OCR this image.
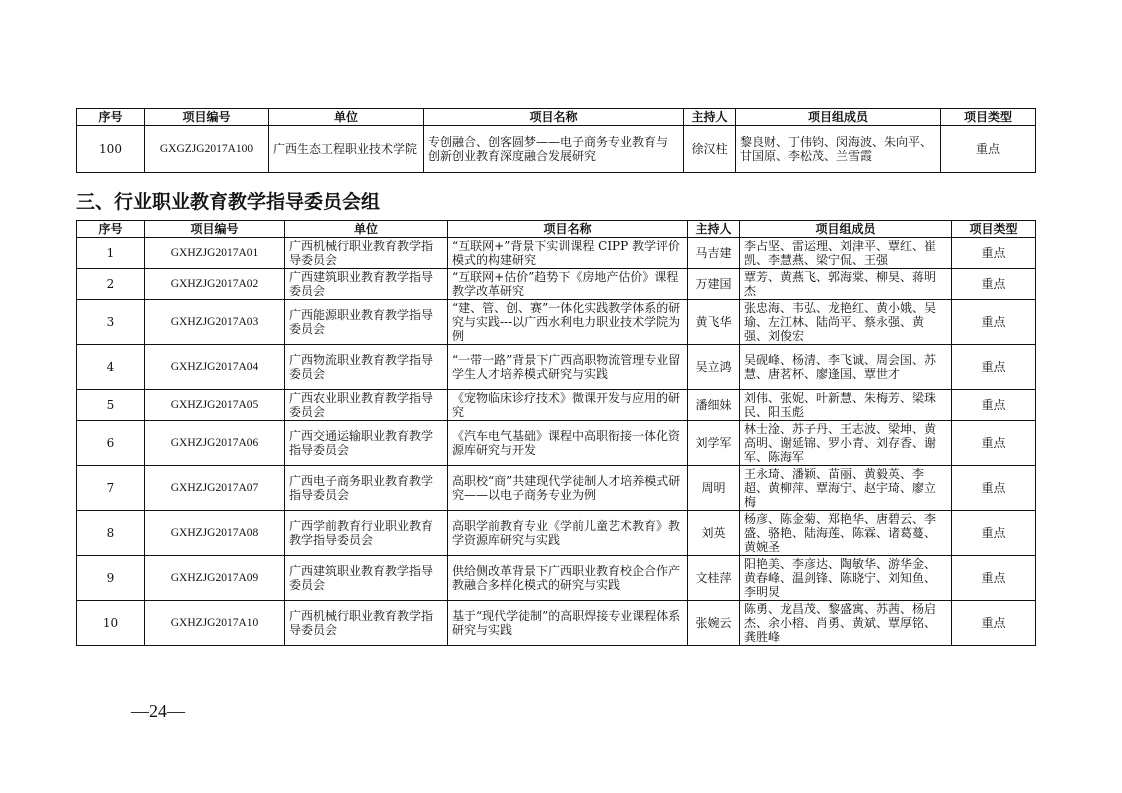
序号	项目编号	单位	项目名称	主持人	项目组成员	项目类型
100	GXGZJG2017A100	广西生态工程职业技术学院	专创融合、创客圆梦——电子商务专业教育与创新创业教育深度融合发展研究	徐汉柱	黎良财、丁伟钧、闵海波、朱向平、甘国原、李松茂、兰雪霞	重点
三、行业职业教育教学指导委员会组
序号	项目编号	单位	项目名称	主持人	项目组成员	项目类型
1	GXHZJG2017A01	广西机械行职业教育教学指导委员会	“互联网+”背景下实训课程 CIPP 教学评价模式的构建研究	马吉建	李占坚、雷运理、刘津平、覃红、崔凯、李慧燕、梁宁侃、王强	重点
2	GXHZJG2017A02	广西建筑职业教育教学指导委员会	“互联网+估价”趋势下《房地产估价》课程教学改革研究	万建国	覃芳、黄燕飞、郭海棠、柳昊、蒋明杰	重点
3	GXHZJG2017A03	广西能源职业教育教学指导委员会	“建、管、创、赛”一体化实践教学体系的研究与实践---以广西水利电力职业技术学院为例	黄飞华	张忠海、韦弘、龙艳红、黄小娥、吴瑜、左江林、陆尚平、蔡永强、黄强、刘俊宏	重点
4	GXHZJG2017A04	广西物流职业教育教学指导委员会	“一带一路”背景下广西高职物流管理专业留学生人才培养模式研究与实践	吴立鸿	吴砚峰、杨清、李飞诚、周会国、苏慧、唐茗杯、廖逢国、覃世才	重点
5	GXHZJG2017A05	广西农业职业教育教学指导委员会	《宠物临床诊疗技术》微课开发与应用的研究	潘细妹	刘伟、张妮、叶新慧、朱梅芳、梁珠民、阳玉彪	重点
6	GXHZJG2017A06	广西交通运输职业教育教学指导委员会	《汽车电气基础》课程中高职衔接一体化资源库研究与开发	刘学军	林士淦、苏子丹、王志波、梁坤、黄高明、谢延锦、罗小青、刘存香、谢军、陈海军	重点
7	GXHZJG2017A07	广西电子商务职业教育教学指导委员会	高职校“商”共建现代学徒制人才培养模式研究——以电子商务专业为例	周明	王永琦、潘颖、苗丽、黄毅英、李超、黄柳萍、覃海宁、赵宇琦、廖立梅	重点
8	GXHZJG2017A08	广西学前教育行业职业教育教学指导委员会	高职学前教育专业《学前儿童艺术教育》教学资源库研究与实践	刘英	杨彦、陈金菊、郑艳华、唐碧云、李盛、骆艳、陆海莲、陈霖、诸葛蔓、黄婉圣	重点
9	GXHZJG2017A09	广西建筑职业教育教学指导委员会	供给侧改革背景下广西职业教育校企合作产教融合多样化模式的研究与实践	文桂萍	阳艳美、李彦达、陶敏华、游华金、黄春峰、温剑锋、陈晓宁、刘知鱼、李明炅	重点
10	GXHZJG2017A10	广西机械行职业教育教学指导委员会	基于“现代学徒制”的高职焊接专业课程体系研究与实践	张婉云	陈勇、龙昌茂、黎盛寓、苏茜、杨启杰、余小榕、肖勇、黄斌、覃厚铭、龚胜峰	重点
—24—
